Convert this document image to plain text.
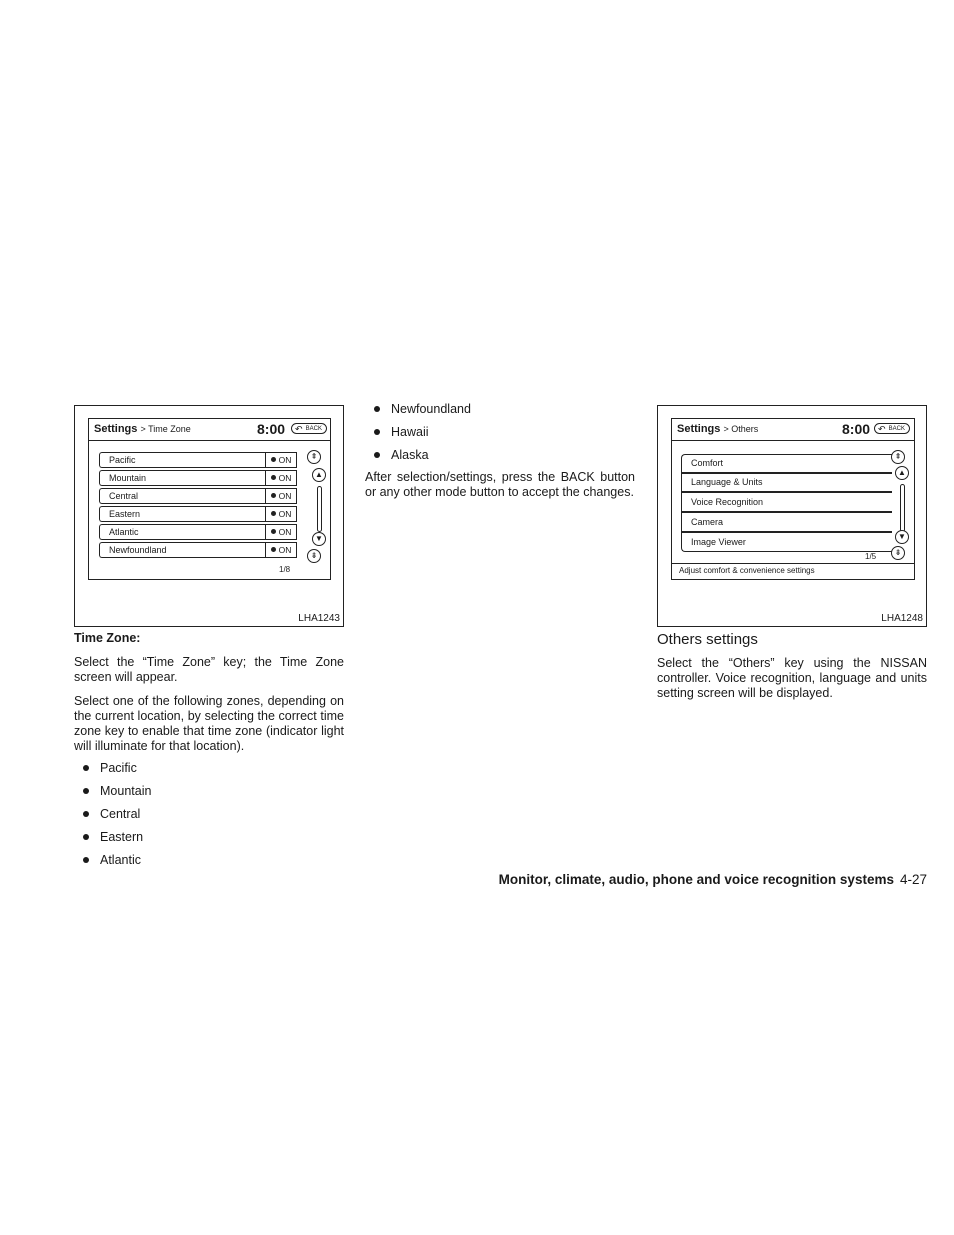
Settings > Time Zone	8:00 ↶ BACK
Pacific	ON
Mountain	ON
Central	ON
Eastern	ON
Atlantic	ON
Newfoundland	ON
1/8
⇞
▲
▼
⇟
LHA1243
Settings > Others	8:00 ↶ BACK
Comfort
Language & Units
Voice Recognition
Camera
Image Viewer
1/5
Adjust comfort & convenience settings
⇞
▲
▼
⇟
LHA1248
Time Zone:

Select the “Time Zone” key; the Time Zone screen will appear.

Select one of the following zones, depending on the current location, by selecting the correct time zone key to enable that time zone (indicator light will illuminate for that location).

Pacific
Mountain
Central
Eastern
Atlantic
Newfoundland
Hawaii
Alaska

After selection/settings, press the BACK button or any other mode button to accept the changes.

Others settings

Select the “Others” key using the NISSAN controller. Voice recognition, language and units setting screen will be displayed.

Monitor, climate, audio, phone and voice recognition systems 4-27
